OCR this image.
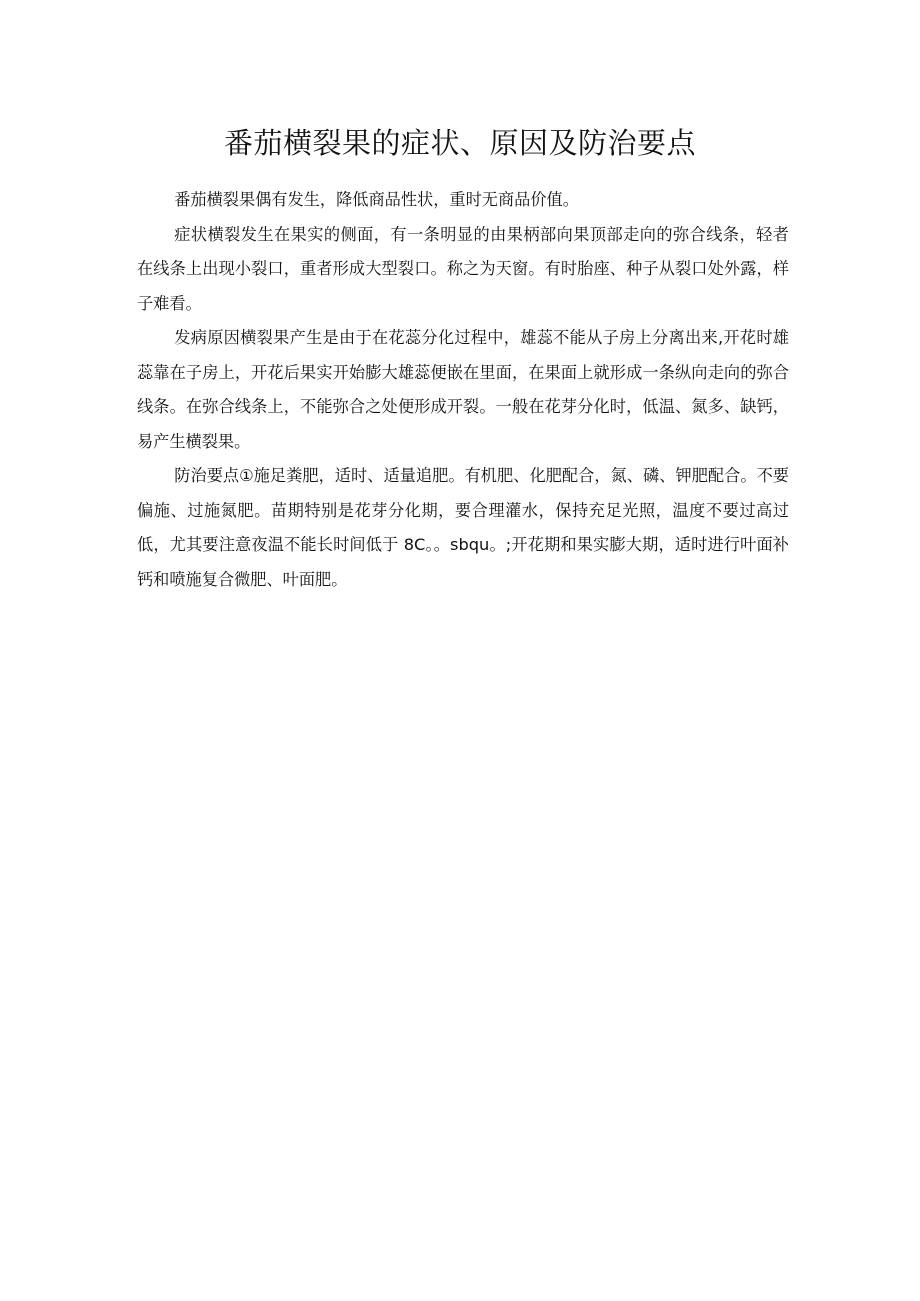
番茄横裂果的症状、原因及防治要点

番茄横裂果偶有发生，降低商品性状，重时无商品价值。

症状横裂发生在果实的侧面，有一条明显的由果柄部向果顶部走向的弥合线条，轻者在线条上出现小裂口，重者形成大型裂口。称之为天窗。有时胎座、种子从裂口处外露，样子难看。

发病原因横裂果产生是由于在花蕊分化过程中，雄蕊不能从子房上分离出来,开花时雄蕊靠在子房上，开花后果实开始膨大雄蕊便嵌在里面，在果面上就形成一条纵向走向的弥合线条。在弥合线条上，不能弥合之处便形成开裂。一般在花芽分化时，低温、氮多、缺钙，易产生横裂果。

防治要点①施足粪肥，适时、适量追肥。有机肥、化肥配合，氮、磷、钾肥配合。不要偏施、过施氮肥。苗期特别是花芽分化期，要合理灌水，保持充足光照，温度不要过高过低，尤其要注意夜温不能长时间低于 8C。。sbqu。;开花期和果实膨大期，适时进行叶面补钙和喷施复合微肥、叶面肥。
